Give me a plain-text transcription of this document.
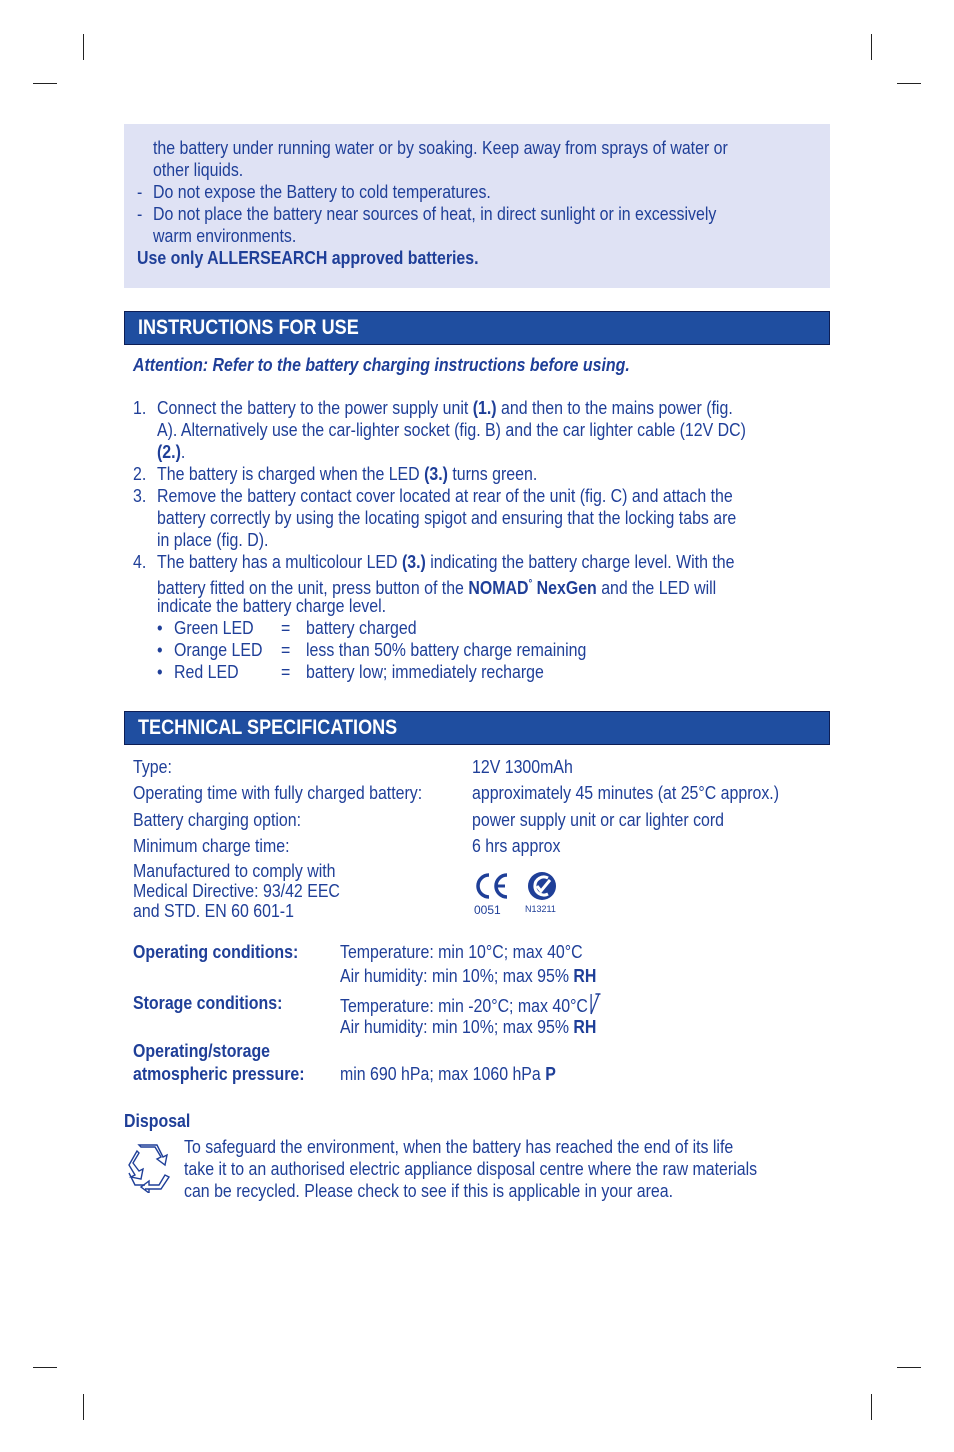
the battery under running water or by soaking. Keep away from sprays of water or
other liquids.
- Do not expose the Battery to cold temperatures.
- Do not place the battery near sources of heat, in direct sunlight or in excessively
warm environments.
Use only ALLERSEARCH approved batteries.
INSTRUCTIONS FOR USE
Attention: Refer to the battery charging instructions before using.
1. Connect the battery to the power supply unit (1.) and then to the mains power (fig.
A). Alternatively use the car-lighter socket (fig. B) and the car lighter cable (12V DC)
(2.).
2. The battery is charged when the LED (3.) turns green.
3. Remove the battery contact cover located at rear of the unit (fig. C) and attach the
battery correctly by using the locating spigot and ensuring that the locking tabs are
in place (fig. D).
4. The battery has a multicolour LED (3.) indicating the battery charge level. With the
battery fitted on the unit, press button of the NOMAD° NexGen and the LED will
indicate the battery charge level.
• Green LED = battery charged
• Orange LED = less than 50% battery charge remaining
• Red LED = battery low; immediately recharge
TECHNICAL SPECIFICATIONS
Type:	12V 1300mAh
Operating time with fully charged battery:	approximately 45 minutes (at 25°C approx.)
Battery charging option:	power supply unit or car lighter cord
Minimum charge time:	6 hrs approx
Manufactured to comply with
Medical Directive: 93/42 EEC
and STD. EN 60 601-1	0051	N13211
Operating conditions: Temperature: min 10°C; max 40°C
Air humidity: min 10%; max 95% RH
Storage conditions:	Temperature: min -20°C; max 40°C
Air humidity: min 10%; max 95% RH
Operating/storage
atmospheric pressure: min 690 hPa; max 1060 hPa P
Disposal
To safeguard the environment, when the battery has reached the end of its life
take it to an authorised electric appliance disposal centre where the raw materials
can be recycled. Please check to see if this is applicable in your area.
